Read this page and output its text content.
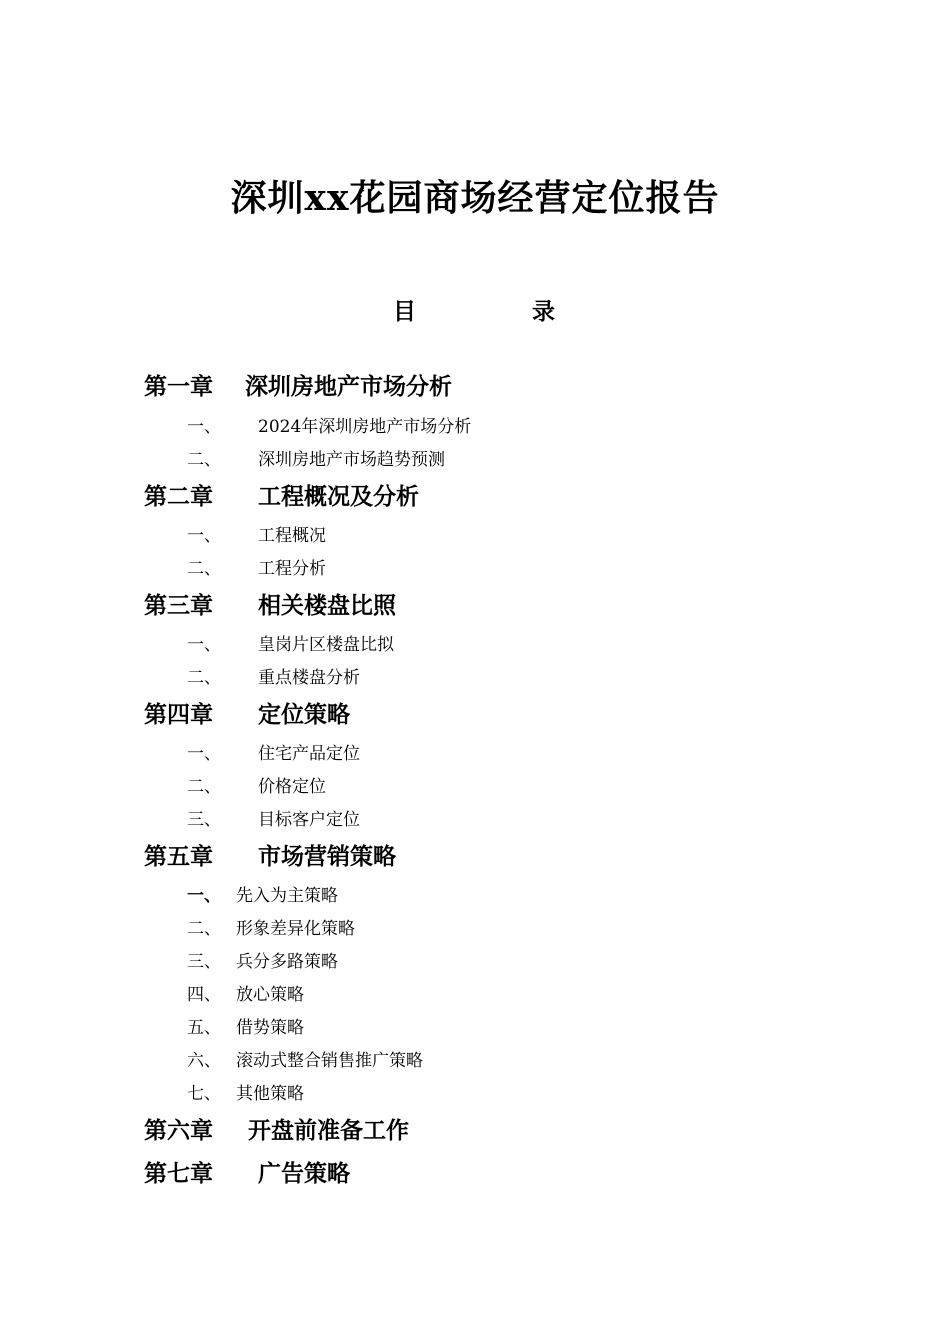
深圳xx花园商场经营定位报告
目	录
第一章 深圳房地产市场分析
一、 2024年深圳房地产市场分析
二、 深圳房地产市场趋势预测
第二章 工程概况及分析
一、 工程概况
二、 工程分析
第三章 相关楼盘比照
一、 皇岗片区楼盘比拟
二、 重点楼盘分析
第四章 定位策略
一、 住宅产品定位
二、 价格定位
三、 目标客户定位
第五章 市场营销策略
一、 先入为主策略
二、 形象差异化策略
三、 兵分多路策略
四、 放心策略
五、 借势策略
六、 滚动式整合销售推广策略
七、 其他策略
第六章 开盘前准备工作
第七章 广告策略
